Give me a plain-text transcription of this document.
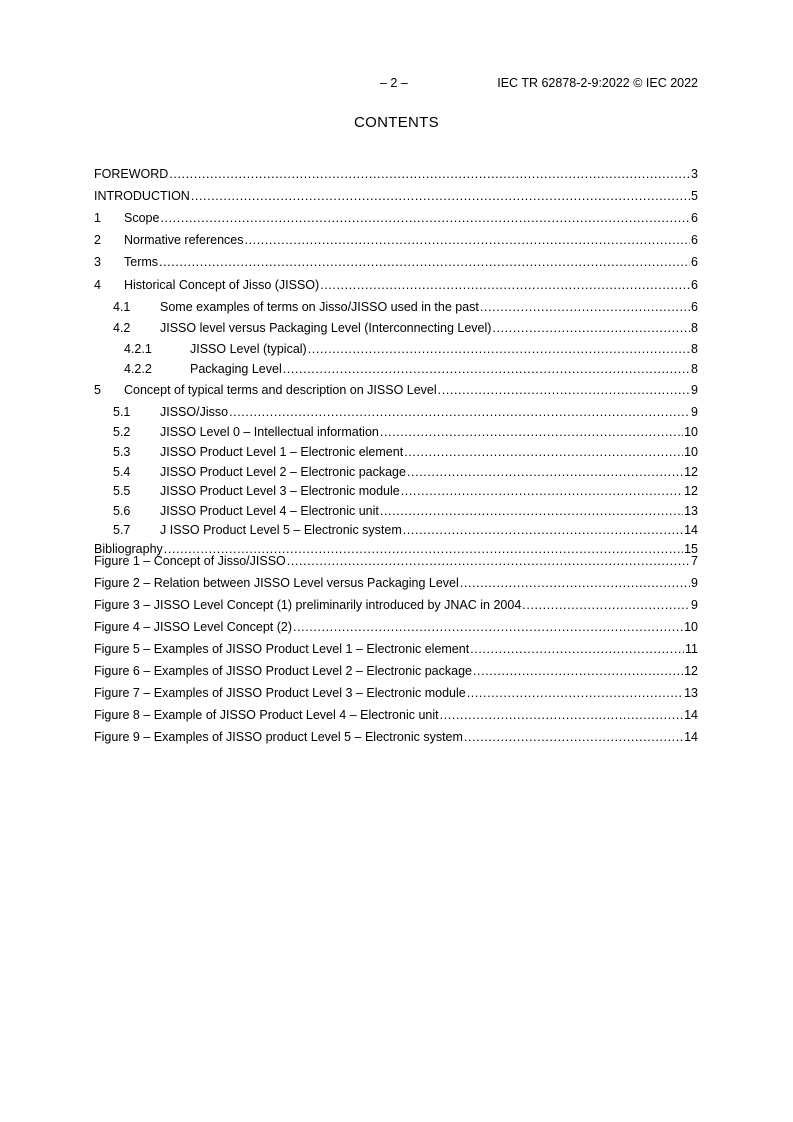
– 2 –	IEC TR 62878-2-9:2022 © IEC 2022
CONTENTS
FOREWORD .....	3
INTRODUCTION .....	5
1	Scope .....	6
2	Normative references .....	6
3	Terms .....	6
4	Historical Concept of Jisso (JISSO) .....	6
4.1	Some examples of terms on Jisso/JISSO used in the past .....	6
4.2	JISSO level versus Packaging Level (Interconnecting Level) .....	8
4.2.1	JISSO Level (typical) .....	8
4.2.2	Packaging Level .....	8
5	Concept of typical terms and description on JISSO Level .....	9
5.1	JISSO/Jisso .....	9
5.2	JISSO Level 0 – Intellectual information .....	10
5.3	JISSO Product Level 1 – Electronic element .....	10
5.4	JISSO Product Level 2 – Electronic package .....	12
5.5	JISSO Product Level 3 – Electronic module .....	12
5.6	JISSO Product Level 4 – Electronic unit .....	13
5.7	J ISSO Product Level 5 – Electronic system .....	14
Bibliography .....	15
Figure 1 – Concept of Jisso/JISSO .....	7
Figure 2 – Relation between JISSO Level versus Packaging Level .....	9
Figure 3 – JISSO Level Concept (1) preliminarily introduced by JNAC in 2004 .....	9
Figure 4 – JISSO Level Concept (2) .....	10
Figure 5 – Examples of JISSO Product Level 1 – Electronic element .....	11
Figure 6 – Examples of JISSO Product Level 2 – Electronic package .....	12
Figure 7 – Examples of JISSO Product Level 3 – Electronic module .....	13
Figure 8 – Example of JISSO Product Level 4 – Electronic unit .....	14
Figure 9 – Examples of JISSO product Level 5 – Electronic system .....	14
